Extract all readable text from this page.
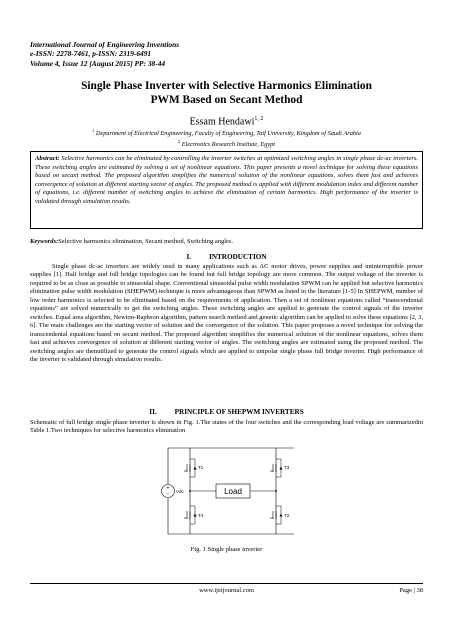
International Journal of Engineering Inventions
e-ISSN: 2278-7461, p-ISSN: 2319-6491
Volume 4, Issue 12 [August 2015] PP: 38-44
Single Phase Inverter with Selective Harmonics Elimination
PWM Based on Secant Method
Essam Hendawi$^{1, 2}$
$^1$ Department of Electrical Engineering, Faculty of Engineering, Taif University, Kingdom of Saudi Arabia
$^2$ Electronics Research Institute, Egypt
Abstract: Selective harmonics can be eliminated by controlling the inverter switches at optimized switching angles in single phase dc-ac inverters. These switching angles are estimated by solving a set of nonlinear equations. This paper presents a novel technique for solving these equations based on secant method. The proposed algorithm simplifies the numerical solution of the nonlinear equations, solves them fast and achieves convergence of solution at different starting vector of angles. The proposed method is applied with different modulation index and different number of equations, i.e. different number of switching angles to achieve the elimination of certain harmonics. High performance of the inverter is validated through simulation results.
Keywords:Selective harmonics elimination, Secant method, Switching angles.
I.          INTRODUCTION

Single phase dc-ac inverters are widely used in many applications such as AC motor drives, power supplies and uninterruptible power supplies [1]. Half bridge and full bridge topologies can be found but full bridge topology are more common. The output voltage of the inverter is required to be as close as possible to sinusoidal shape. Conventional sinusoidal pulse width modulation SPWM can be applied but selective harmonics elimination pulse width modulation (SHEPWM) technique is more advantageous than SPWM as listed in the literature [1-5] In SHEPWM, number of low order harmonics is selected to be eliminated based on the requirements of application. Then a set of nonlinear equations called “transcendental equations” are solved numerically to get the switching angles. These switching angles are applied to generate the control signals of the inverter switches. Equal area algorithm, Newton-Raphson algorithm, pattern search method and genetic algorithm can be applied to solve these equations [2, 3, 6]. The main challenges are the starting vector of solution and the convergence of the solution. This paper proposes a novel technique for solving the transcendental equations based on secant method. The proposed algorithm simplifies the numerical solution of the nonlinear equations, solves them fast and achieves convergence of solution at different starting vector of angles. The switching angles are estimated using the proposed method. The switching angles are thenutilized to generate the control signals which are applied to unipolar single phase full bridge inverter. High performance of the inverter is validated through simulation results.

II.          PRINCIPLE OF SHEPWM INVERTERS

Schematic of full bridge single phase inverter is shown in Fig. 1.The states of the four switches and the corresponding load voltage are summarizedin Table 1.Two techniques for selective harmonics elimination

+
− Vdc	Load
T1
T4
T3
T2
Fig. 1 Single phase inverter
www.ijeijournal.com	Page | 38
